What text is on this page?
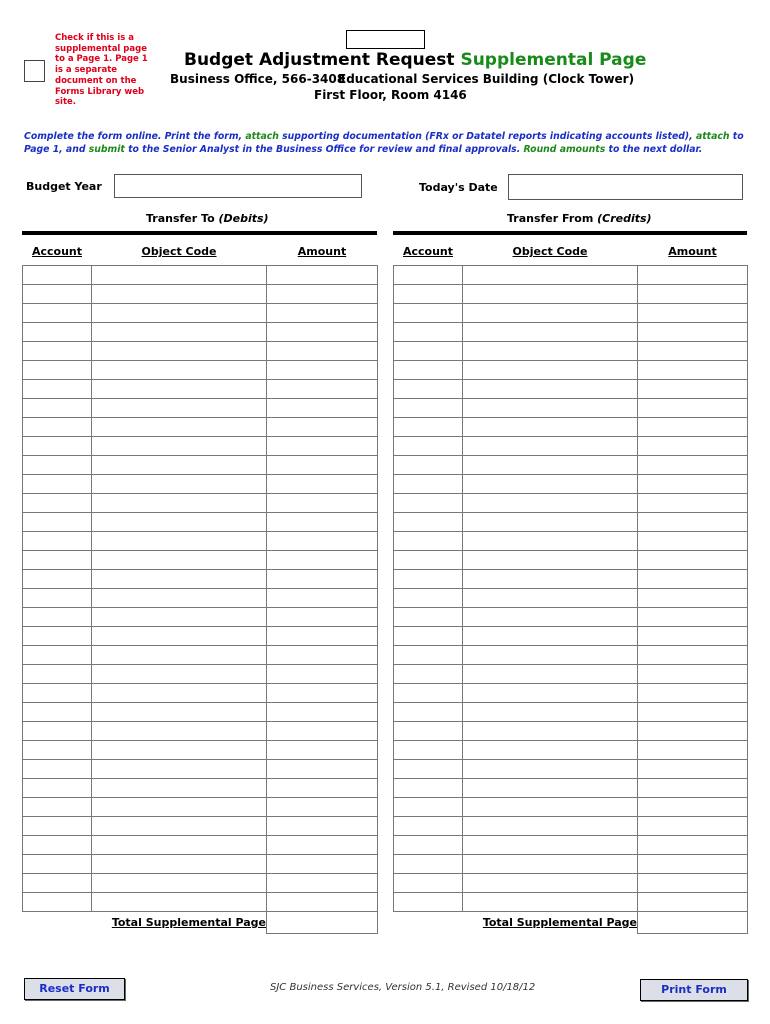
Check if this is a supplemental page to a Page 1. Page 1 is a separate document on the Forms Library web site.
Budget Adjustment Request Supplemental Page
Business Office, 566-3408
Educational Services Building (Clock Tower)
First Floor, Room 4146
Complete the form online. Print the form, attach supporting documentation (FRx or Datatel reports indicating accounts listed), attach to Page 1, and submit to the Senior Analyst in the Business Office for review and final approvals. Round amounts to the next dollar.
Budget Year	Today's Date
Transfer To (Debits)	Transfer From (Credits)
Account	Object Code	Amount

Total Supplemental Page		
Account	Object Code	Amount

Total Supplemental Page		
Reset Form	SJC Business Services, Version 5.1, Revised 10/18/12	Print Form
